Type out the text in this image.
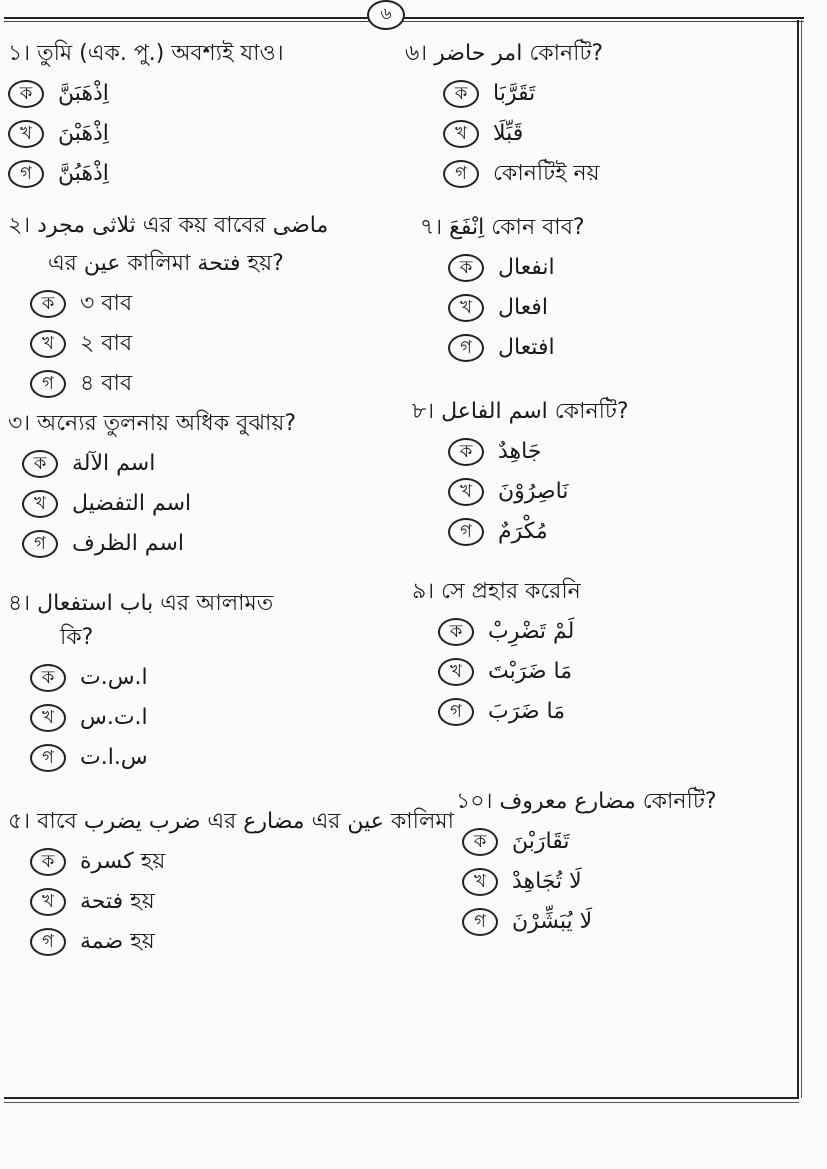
৬
১। তুমি (এক. পু.) অবশ্যই যাও।
ক	اِذْهَبَنَّ
খ	اِذْهَبْنَ
গ	اِذْهَبُنَّ
২। ثلاثى مجرد এর কয় বাবের ماضى
এর عين কালিমা فتحة হয়?
ক	৩ বাব
খ	২ বাব
গ	৪ বাব
৩। অন্যের তুলনায় অধিক বুঝায়?
ক	اسم الآلة
খ	اسم التفضيل
গ	اسم الظرف
৪। باب استفعال এর আলামত
কি?
ক	ا.س.ت
খ	ا.ت.س
গ	س.ا.ت
৫। বাবে ضرب يضرب এর مضارع এর عين কালিমা
ক	كسرة হয়
খ	فتحة হয়
গ	ضمة হয়
৬। امر حاضر কোনটি?
ক	تَقَرَّبَا
খ	قَبِّلَا
গ	কোনটিই নয়
৭। اِنْفَعَ কোন বাব?
ক	انفعال
খ	افعال
গ	افتعال
৮। اسم الفاعل কোনটি?
ক	جَاهِدٌ
খ	نَاصِرُوْنَ
গ	مُكْرَمٌ
৯। সে প্রহার করেনি
ক	لَمْ تَضْرِبْ
খ	مَا ضَرَبْتَ
গ	مَا ضَرَبَ
১০। مضارع معروف কোনটি?
ক	تَقَارَبْنَ
খ	لَا تُجَاهِدْ
গ	لَا يُبَشِّرْنَ
